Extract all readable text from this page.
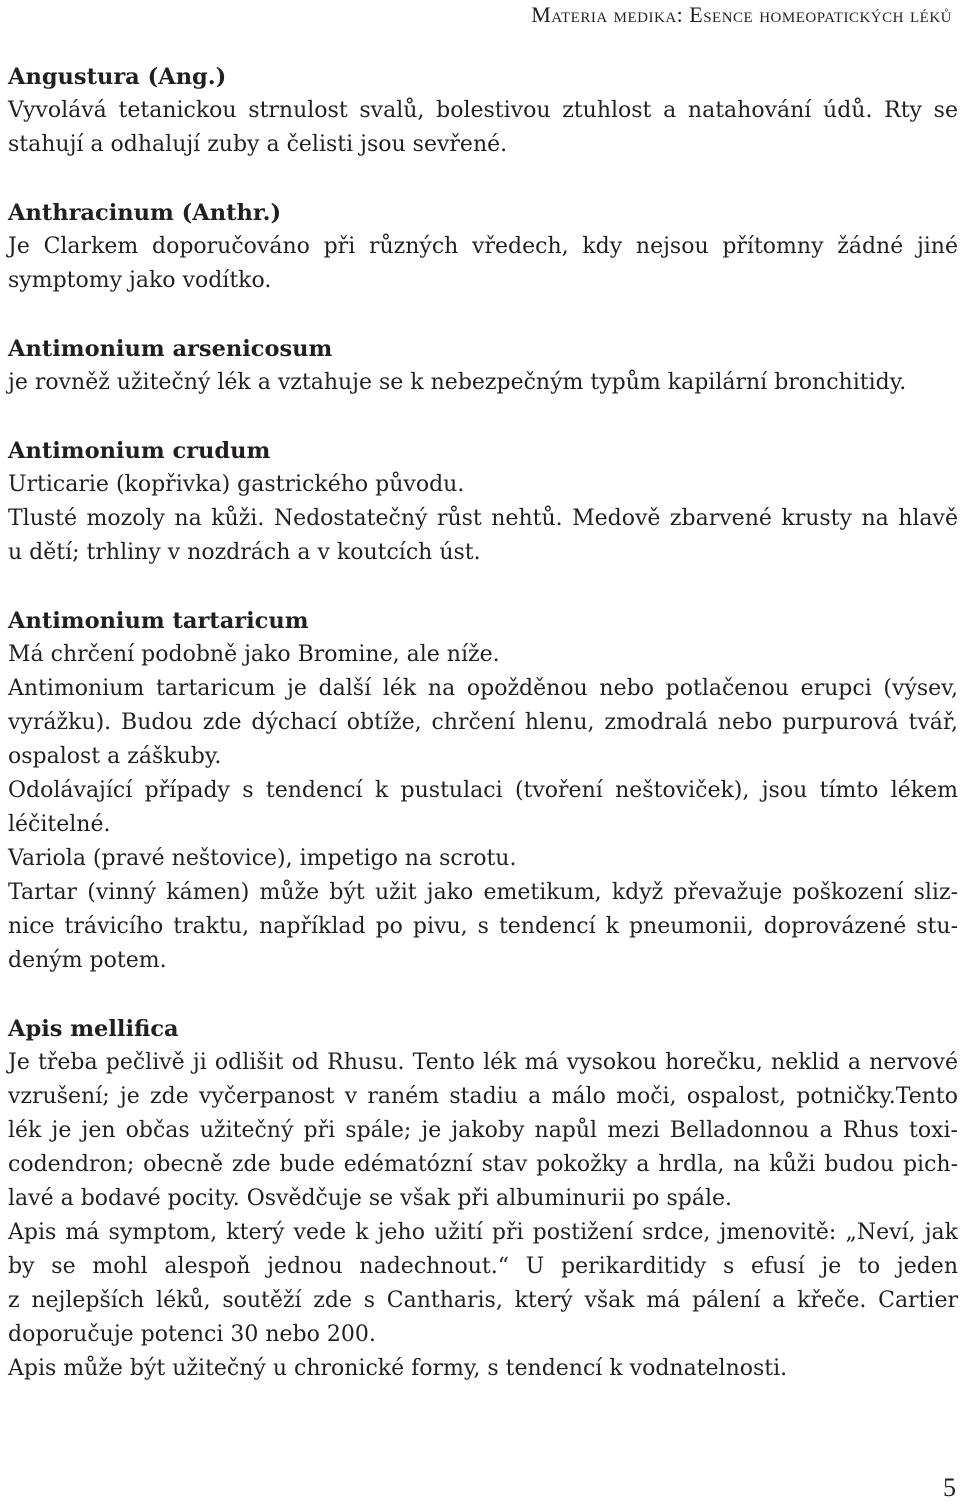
Materia medika: Esence homeopatických léků
Angustura (Ang.)
Vyvolává tetanickou strnulost svalů, bolestivou ztuhlost a natahování údů. Rty se
stahují a odhalují zuby a čelisti jsou sevřené.
Anthracinum (Anthr.)
Je Clarkem doporučováno při různých vředech, kdy nejsou přítomny žádné jiné
symptomy jako vodítko.
Antimonium arsenicosum
je rovněž užitečný lék a vztahuje se k nebezpečným typům kapilární bronchitidy.
Antimonium crudum
Urticarie (kopřivka) gastrického původu.
Tlusté mozoly na kůži. Nedostatečný růst nehtů. Medově zbarvené krusty na hlavě
u dětí; trhliny v nozdrách a v koutcích úst.
Antimonium tartaricum
Má chrčení podobně jako Bromine, ale níže.
Antimonium tartaricum je další lék na opožděnou nebo potlačenou erupci (výsev,
vyrážku). Budou zde dýchací obtíže, chrčení hlenu, zmodralá nebo purpurová tvář,
ospalost a záškuby.
Odolávající případy s tendencí k pustulaci (tvoření neštoviček), jsou tímto lékem
léčitelné.
Variola (pravé neštovice), impetigo na scrotu.
Tartar (vinný kámen) může být užit jako emetikum, když převažuje poškození sliz-
nice trávicího traktu, například po pivu, s tendencí k pneumonii, doprovázené stu-
deným potem.
Apis mellifica
Je třeba pečlivě ji odlišit od Rhusu. Tento lék má vysokou horečku, neklid a nervové
vzrušení; je zde vyčerpanost v raném stadiu a málo moči, ospalost, potničky.Tento
lék je jen občas užitečný při spále; je jakoby napůl mezi Belladonnou a Rhus toxi-
codendron; obecně zde bude edématózní stav pokožky a hrdla, na kůži budou pich-
lavé a bodavé pocity. Osvědčuje se však při albuminurii po spále.
Apis má symptom, který vede k jeho užití při postižení srdce, jmenovitě: „Neví, jak
by se mohl alespoň jednou nadechnout.“ U perikarditidy s efusí je to jeden
z nejlepších léků, soutěží zde s Cantharis, který však má pálení a křeče. Cartier
doporučuje potenci 30 nebo 200.
Apis může být užitečný u chronické formy, s tendencí k vodnatelnosti.
5
